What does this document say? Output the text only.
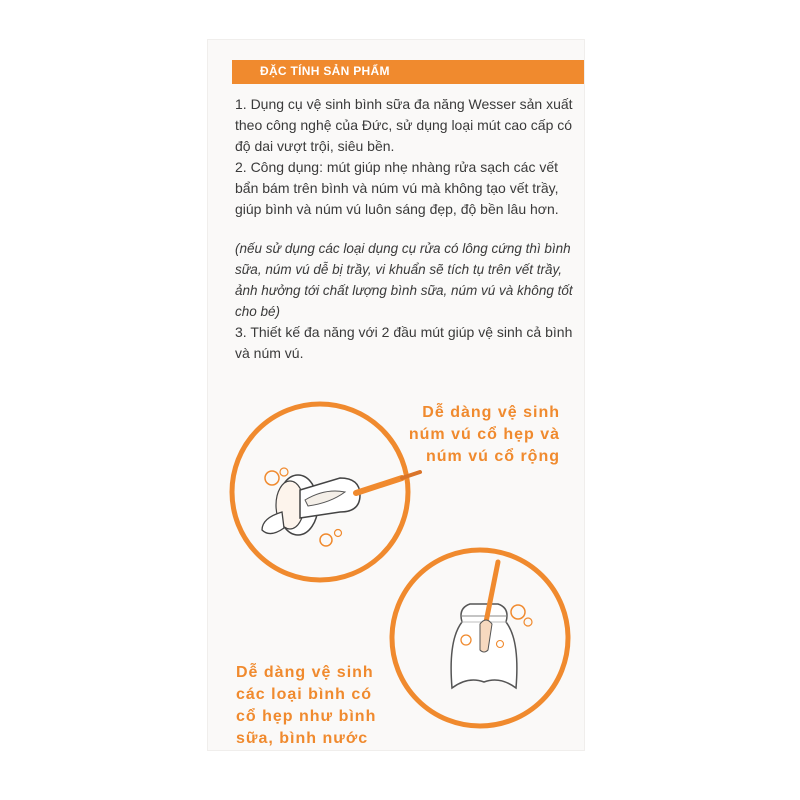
ĐẶC TÍNH SẢN PHẨM
1. Dụng cụ vệ sinh bình sữa đa năng Wesser sản xuất theo công nghệ của Đức, sử dụng loại mút cao cấp có độ dai vượt trội, siêu bền.
2. Công dụng: mút giúp nhẹ nhàng rửa sạch các vết bẩn bám trên bình và núm vú mà không tạo vết trầy, giúp bình và núm vú luôn sáng đẹp, độ bền lâu hơn.
(nếu sử dụng các loại dụng cụ rửa có lông cứng thì bình sữa, núm vú dễ bị trầy, vi khuẩn sẽ tích tụ trên vết trầy, ảnh hưởng tới chất lượng bình sữa, núm vú và không tốt cho bé)
3. Thiết kế đa năng với 2 đầu mút giúp vệ sinh cả bình và núm vú.
Dễ dàng vệ sinh
núm vú cổ hẹp và
núm vú cổ rộng
Dễ dàng vệ sinh
các loại bình có
cổ hẹp như bình
sữa, bình nước
